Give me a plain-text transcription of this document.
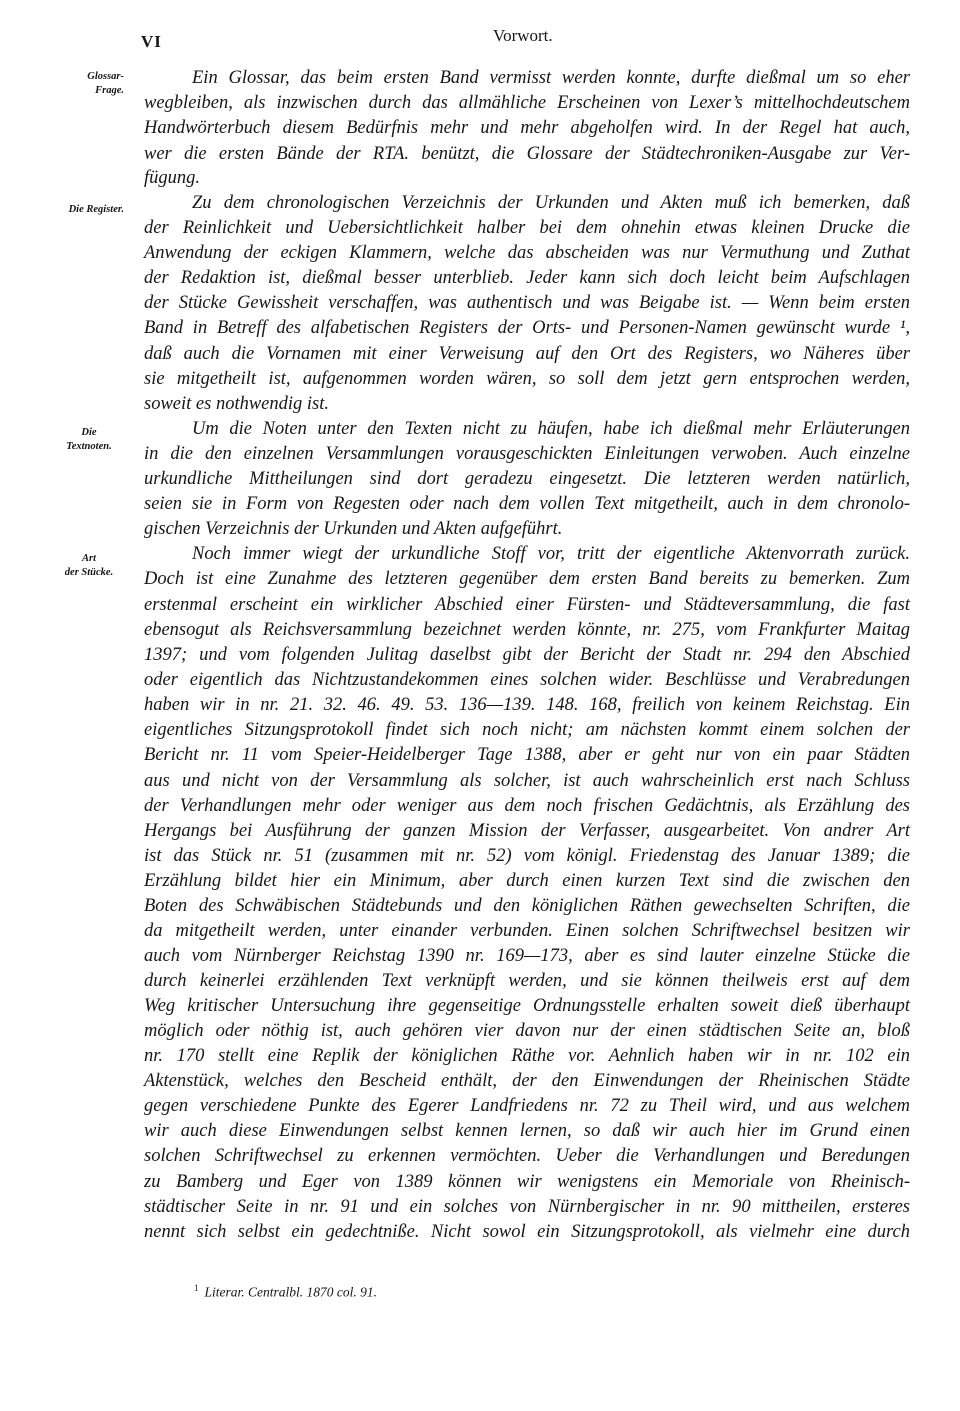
VI	Vorwort.
Glossar-
Frage.
Die Register.
Die
Textnoten.
Art
der Stücke.
Ein Glossar, das beim ersten Band vermisst werden konnte, durfte dießmal um so eher
wegbleiben, als inzwischen durch das allmähliche Erscheinen von Lexer’s mittelhochdeutschem
Handwörterbuch diesem Bedürfnis mehr und mehr abgeholfen wird. In der Regel hat auch,
wer die ersten Bände der RTA. benützt, die Glossare der Städtechroniken-Ausgabe zur Ver-
fügung.
Zu dem chronologischen Verzeichnis der Urkunden und Akten muß ich bemerken, daß
der Reinlichkeit und Uebersichtlichkeit halber bei dem ohnehin etwas kleinen Drucke die
Anwendung der eckigen Klammern, welche das abscheiden was nur Vermuthung und Zuthat
der Redaktion ist, dießmal besser unterblieb. Jeder kann sich doch leicht beim Aufschlagen
der Stücke Gewissheit verschaffen, was authentisch und was Beigabe ist. — Wenn beim ersten
Band in Betreff des alfabetischen Registers der Orts- und Personen-Namen gewünscht wurde ¹,
daß auch die Vornamen mit einer Verweisung auf den Ort des Registers, wo Näheres über
sie mitgetheilt ist, aufgenommen worden wären, so soll dem jetzt gern entsprochen werden,
soweit es nothwendig ist.
Um die Noten unter den Texten nicht zu häufen, habe ich dießmal mehr Erläuterungen
in die den einzelnen Versammlungen vorausgeschickten Einleitungen verwoben. Auch einzelne
urkundliche Mittheilungen sind dort geradezu eingesetzt. Die letzteren werden natürlich,
seien sie in Form von Regesten oder nach dem vollen Text mitgetheilt, auch in dem chronolo-
gischen Verzeichnis der Urkunden und Akten aufgeführt.
Noch immer wiegt der urkundliche Stoff vor, tritt der eigentliche Aktenvorrath zurück.
Doch ist eine Zunahme des letzteren gegenüber dem ersten Band bereits zu bemerken. Zum
erstenmal erscheint ein wirklicher Abschied einer Fürsten- und Städteversammlung, die fast
ebensogut als Reichsversammlung bezeichnet werden könnte, nr. 275, vom Frankfurter Maitag
1397; und vom folgenden Julitag daselbst gibt der Bericht der Stadt nr. 294 den Abschied
oder eigentlich das Nichtzustandekommen eines solchen wider. Beschlüsse und Verabredungen
haben wir in nr. 21. 32. 46. 49. 53. 136—139. 148. 168, freilich von keinem Reichstag. Ein
eigentliches Sitzungsprotokoll findet sich noch nicht; am nächsten kommt einem solchen der
Bericht nr. 11 vom Speier-Heidelberger Tage 1388, aber er geht nur von ein paar Städten
aus und nicht von der Versammlung als solcher, ist auch wahrscheinlich erst nach Schluss
der Verhandlungen mehr oder weniger aus dem noch frischen Gedächtnis, als Erzählung des
Hergangs bei Ausführung der ganzen Mission der Verfasser, ausgearbeitet. Von andrer Art
ist das Stück nr. 51 (zusammen mit nr. 52) vom königl. Friedenstag des Januar 1389; die
Erzählung bildet hier ein Minimum, aber durch einen kurzen Text sind die zwischen den
Boten des Schwäbischen Städtebunds und den königlichen Räthen gewechselten Schriften, die
da mitgetheilt werden, unter einander verbunden. Einen solchen Schriftwechsel besitzen wir
auch vom Nürnberger Reichstag 1390 nr. 169—173, aber es sind lauter einzelne Stücke die
durch keinerlei erzählenden Text verknüpft werden, und sie können theilweis erst auf dem
Weg kritischer Untersuchung ihre gegenseitige Ordnungsstelle erhalten soweit dieß überhaupt
möglich oder nöthig ist, auch gehören vier davon nur der einen städtischen Seite an, bloß
nr. 170 stellt eine Replik der königlichen Räthe vor. Aehnlich haben wir in nr. 102 ein
Aktenstück, welches den Bescheid enthält, der den Einwendungen der Rheinischen Städte
gegen verschiedene Punkte des Egerer Landfriedens nr. 72 zu Theil wird, und aus welchem
wir auch diese Einwendungen selbst kennen lernen, so daß wir auch hier im Grund einen
solchen Schriftwechsel zu erkennen vermöchten. Ueber die Verhandlungen und Beredungen
zu Bamberg und Eger von 1389 können wir wenigstens ein Memoriale von Rheinisch-
städtischer Seite in nr. 91 und ein solches von Nürnbergischer in nr. 90 mittheilen, ersteres
nennt sich selbst ein gedechtniße. Nicht sowol ein Sitzungsprotokoll, als vielmehr eine durch
$^1$ Literar. Centralbl. 1870 col. 91.
